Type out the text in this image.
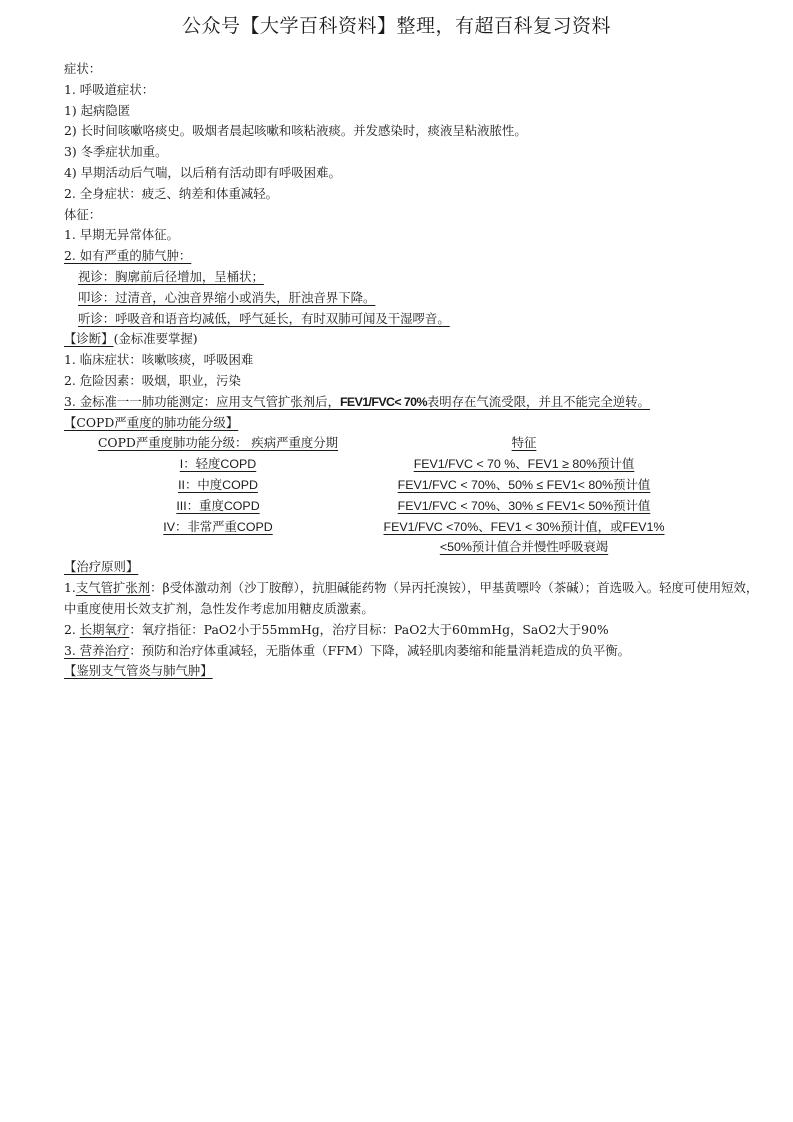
公众号【大学百科资料】整理，有超百科复习资料
症状：
1. 呼吸道症状：
1) 起病隐匿
2) 长时间咳嗽咯痰史。吸烟者晨起咳嗽和咳粘液痰。并发感染时，痰液呈粘液脓性。
3) 冬季症状加重。
4) 早期活动后气喘，以后稍有活动即有呼吸困难。
2. 全身症状：疲乏、纳差和体重减轻。
体征：
1. 早期无异常体征。
2. 如有严重的肺气肿：
视诊：胸廓前后径增加，呈桶状；
叩诊：过清音，心浊音界缩小或消失，肝浊音界下降。
听诊：呼吸音和语音均减低，呼气延长，有时双肺可闻及干湿啰音。
【诊断】(金标准要掌握)
1. 临床症状：咳嗽咳痰，呼吸困难
2. 危险因素：吸烟，职业，污染
3. 金标准一一肺功能测定：应用支气管扩张剂后，FEV1/FVC< 70%表明存在气流受限，并且不能完全逆转。
【COPD严重度的肺功能分级】
COPD严重度肺功能分级： 疾病严重度分期	特征
I：轻度COPD	FEV1/FVC < 70 %、FEV1 ≥ 80%预计值
II：中度COPD	FEV1/FVC < 70%、50% ≤ FEV1< 80%预计值
III：重度COPD	FEV1/FVC < 70%、30% ≤ FEV1< 50%预计值
IV：非常严重COPD	FEV1/FVC <70%、FEV1 < 30%预计值，或FEV1%
<50%预计值合并慢性呼吸衰竭
【治疗原则】
1.支气管扩张剂：β受体激动剂（沙丁胺醇），抗胆碱能药物（异丙托溴铵），甲基黄嘌呤（茶碱）；首选吸入。轻度可使用短效，中重度使用长效支扩剂，急性发作考虑加用糖皮质激素。
2. 长期氧疗：氧疗指征：PaO2小于55mmHg，治疗目标：PaO2大于60mmHg，SaO2大于90%
3. 营养治疗：预防和治疗体重减轻，无脂体重（FFM）下降，减轻肌肉萎缩和能量消耗造成的负平衡。
【鉴别支气管炎与肺气肿】
